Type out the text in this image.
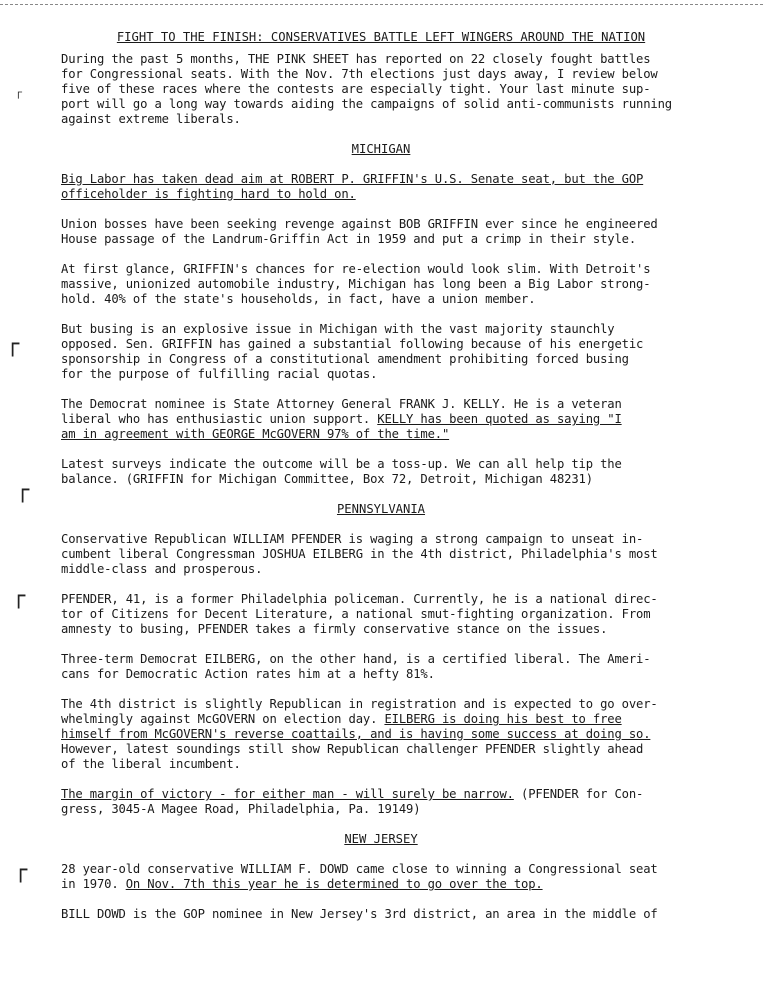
⸀
┌
┌
┌
┌

FIGHT TO THE FINISH: CONSERVATIVES BATTLE LEFT WINGERS AROUND THE NATION

During the past 5 months, THE PINK SHEET has reported on 22 closely fought battles
for Congressional seats. With the Nov. 7th elections just days away, I review below
five of these races where the contests are especially tight. Your last minute sup-
port will go a long way towards aiding the campaigns of solid anti-communists running
against extreme liberals.

MICHIGAN

Big Labor has taken dead aim at ROBERT P. GRIFFIN's U.S. Senate seat, but the GOP
officeholder is fighting hard to hold on.

Union bosses have been seeking revenge against BOB GRIFFIN ever since he engineered
House passage of the Landrum-Griffin Act in 1959 and put a crimp in their style.

At first glance, GRIFFIN's chances for re-election would look slim. With Detroit's
massive, unionized automobile industry, Michigan has long been a Big Labor strong-
hold. 40% of the state's households, in fact, have a union member.

But busing is an explosive issue in Michigan with the vast majority staunchly
opposed. Sen. GRIFFIN has gained a substantial following because of his energetic
sponsorship in Congress of a constitutional amendment prohibiting forced busing
for the purpose of fulfilling racial quotas.

The Democrat nominee is State Attorney General FRANK J. KELLY. He is a veteran
liberal who has enthusiastic union support. KELLY has been quoted as saying "I
am in agreement with GEORGE McGOVERN 97% of the time."

Latest surveys indicate the outcome will be a toss-up. We can all help tip the
balance. (GRIFFIN for Michigan Committee, Box 72, Detroit, Michigan 48231)

PENNSYLVANIA

Conservative Republican WILLIAM PFENDER is waging a strong campaign to unseat in-
cumbent liberal Congressman JOSHUA EILBERG in the 4th district, Philadelphia's most
middle-class and prosperous.

PFENDER, 41, is a former Philadelphia policeman. Currently, he is a national direc-
tor of Citizens for Decent Literature, a national smut-fighting organization. From
amnesty to busing, PFENDER takes a firmly conservative stance on the issues.

Three-term Democrat EILBERG, on the other hand, is a certified liberal. The Ameri-
cans for Democratic Action rates him at a hefty 81%.

The 4th district is slightly Republican in registration and is expected to go over-
whelmingly against McGOVERN on election day. EILBERG is doing his best to free
himself from McGOVERN's reverse coattails, and is having some success at doing so.
However, latest soundings still show Republican challenger PFENDER slightly ahead
of the liberal incumbent.

The margin of victory - for either man - will surely be narrow. (PFENDER for Con-
gress, 3045-A Magee Road, Philadelphia, Pa. 19149)

NEW JERSEY

28 year-old conservative WILLIAM F. DOWD came close to winning a Congressional seat
in 1970. On Nov. 7th this year he is determined to go over the top.

BILL DOWD is the GOP nominee in New Jersey's 3rd district, an area in the middle of
